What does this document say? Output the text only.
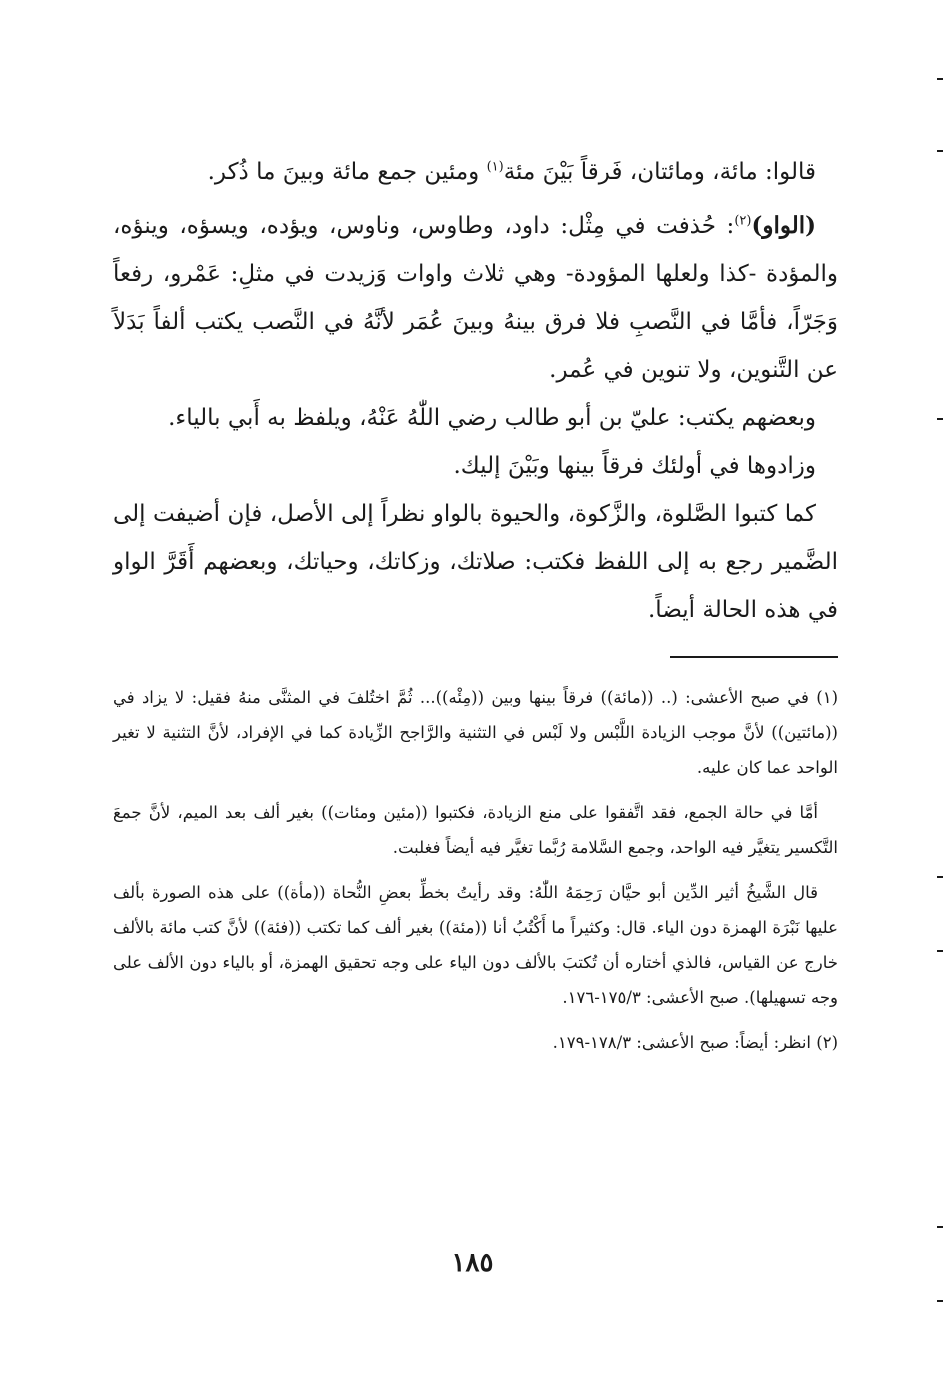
قالوا: مائة، ومائتان، فَرقاً بَيْنَ مئة$^{(١)}$ ومئين جمع مائة وبينَ ما ذُكر.

(الواو)$^{(٢)}$: حُذفت في مِثْل: داود، وطاوس، وناوس، ويؤده، ويسؤه، وينؤه، والمؤدة -كذا ولعلها المؤودة- وهي ثلاث واوات وَزيدت في مثلِ: عَمْرو، رفعاً وَجَرّاً، فأمَّا في النَّصبِ فلا فرق بينهُ وبينَ عُمَر لأنَّهُ في النَّصب يكتب ألفاً بَدَلاً عن التَّنوين، ولا تنوين في عُمر.

وبعضهم يكتب: عليّ بن أبو طالب رضي اللّٰهُ عَنْهُ، ويلفظ به أَبي بالياء.

وزادوها في أولئك فرقاً بينها وبَيْنَ إليك.

كما كتبوا الصَّلوة، والزَّكوة، والحيوة بالواو نظراً إلى الأصل، فإن أضيفت إلى الضَّمير رجع به إلى اللفظ فكتب: صلاتك، وزكاتك، وحياتك، وبعضهم أَقَرَّ الواو في هذه الحالة أيضاً.

(١) في صبح الأعشى: (.. ((مائة)) فرقاً بينها وبين ((مِئْه))... ثُمَّ اختُلفَ في المثنَّى منهُ فقيل: لا يزاد في ((مائتين)) لأنَّ موجب الزيادة اللَّبْس ولا لَبْس في التثنية والرَّاجح الزِّيادة كما في الإفراد، لأنَّ التثنية لا تغير الواحد عما كان عليه.

أمَّا في حالة الجمع، فقد اتَّفقوا على منع الزيادة، فكتبوا ((مئين ومئات)) بغير ألف بعد الميم، لأنَّ جمعَ التَّكسير يتغيَّر فيه الواحد، وجمع السَّلامة رُبَّما تغيَّر فيه أيضاً فغلبت.

قال الشَّيخُ أثير الدِّين أبو حيَّان رَحِمَهُ اللّٰهُ: وقد رأيتُ بخطِّ بعضِ النُّحاة ((مأة)) على هذه الصورة بألف عليها نَبْرَة الهمزة دون الياء. قال: وكثيراً ما أَكْتُبُ أنا ((مئة)) بغير ألف كما تكتب ((فئة)) لأنَّ كتب مائة بالألف خارج عن القياس، فالذي أختاره أن تُكتبَ بالألف دون الياء على وجه تحقيق الهمزة، أو بالياء دون الألف على وجه تسهيلها). صبح الأعشى: ١٧٥/٣-١٧٦.

(٢) انظر: أيضاً: صبح الأعشى: ١٧٨/٣-١٧٩.

١٨٥
